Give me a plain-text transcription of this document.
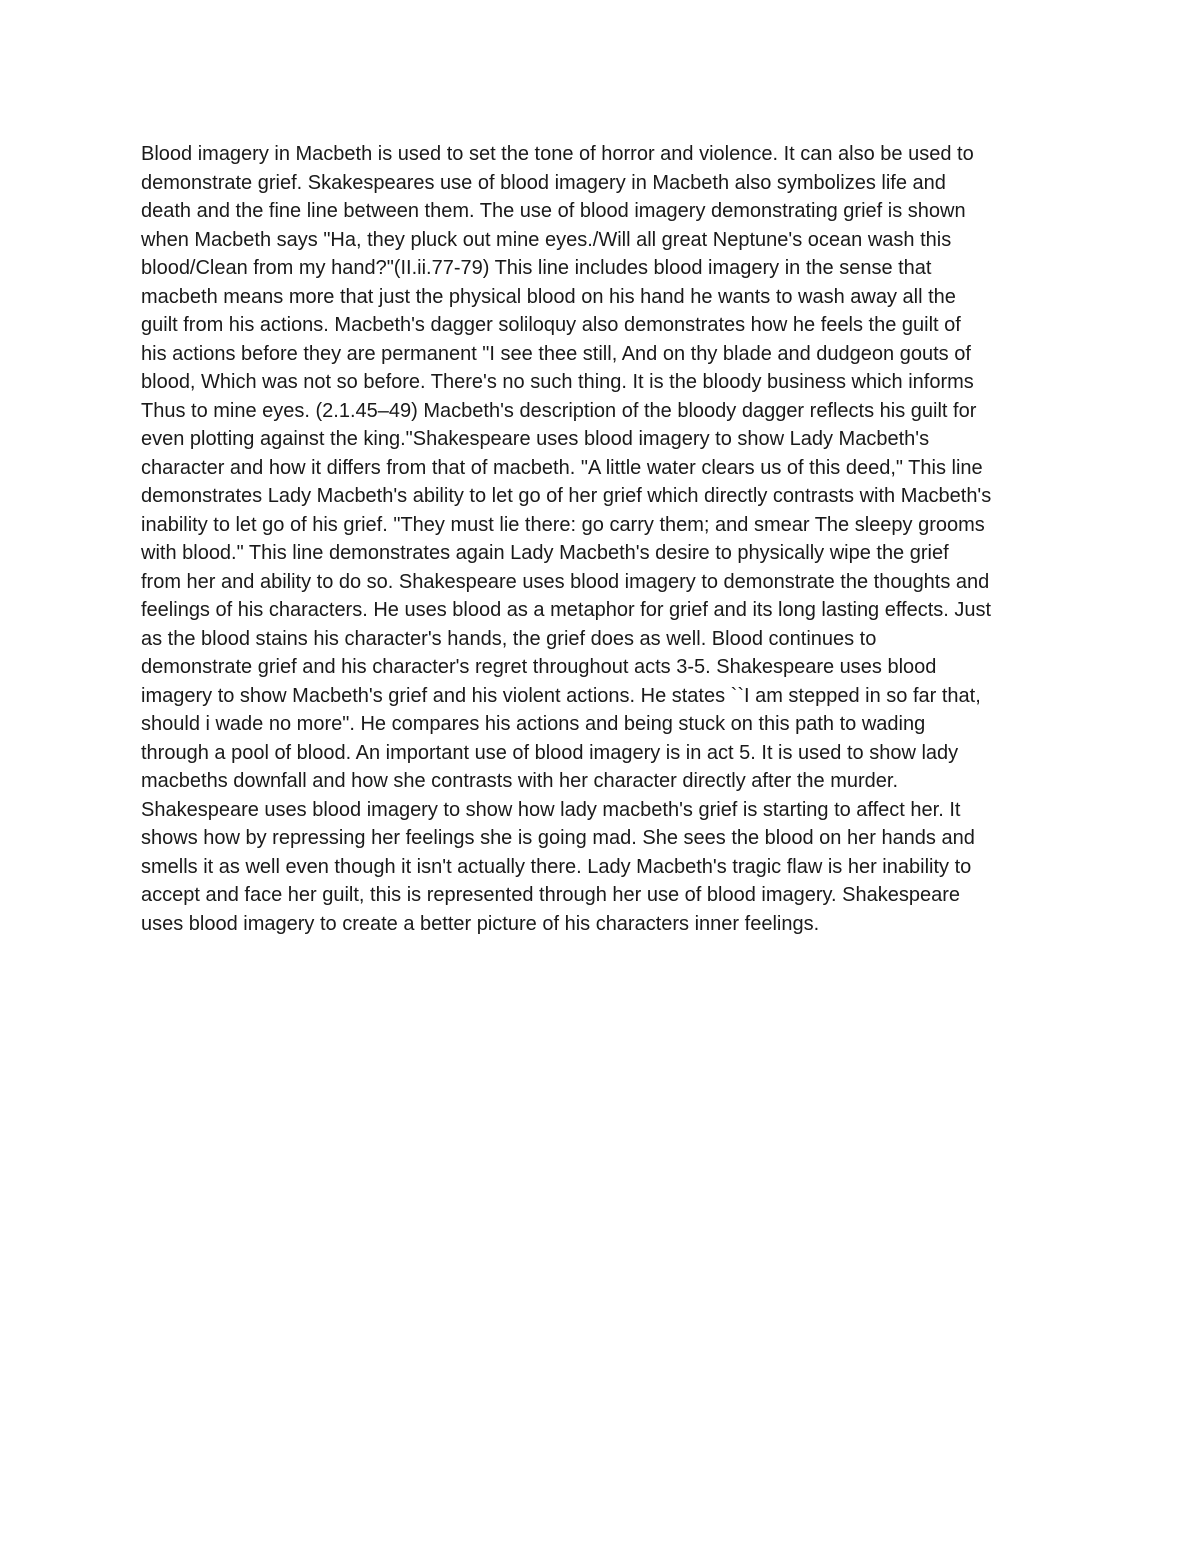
Blood imagery in Macbeth is used to set the tone of horror and violence. It can also be used to
demonstrate grief. Skakespeares use of blood imagery in Macbeth also symbolizes life and
death and the fine line between them. The use of blood imagery demonstrating grief is shown
when Macbeth says "Ha, they pluck out mine eyes./Will all great Neptune's ocean wash this
blood/Clean from my hand?"(II.ii.77-79) This line includes blood imagery in the sense that
macbeth means more that just the physical blood on his hand he wants to wash away all the
guilt from his actions. Macbeth's dagger soliloquy also demonstrates how he feels the guilt of
his actions before they are permanent "I see thee still, And on thy blade and dudgeon gouts of
blood, Which was not so before. There's no such thing. It is the bloody business which informs
Thus to mine eyes. (2.1.45–49) Macbeth's description of the bloody dagger reflects his guilt for
even plotting against the king."Shakespeare uses blood imagery to show Lady Macbeth's
character and how it differs from that of macbeth. "A little water clears us of this deed," This line
demonstrates Lady Macbeth's ability to let go of her grief which directly contrasts with Macbeth's
inability to let go of his grief. "They must lie there: go carry them; and smear The sleepy grooms
with blood." This line demonstrates again Lady Macbeth's desire to physically wipe the grief
from her and ability to do so. Shakespeare uses blood imagery to demonstrate the thoughts and
feelings of his characters. He uses blood as a metaphor for grief and its long lasting effects. Just
as the blood stains his character's hands, the grief does as well. Blood continues to
demonstrate grief and his character's regret throughout acts 3-5. Shakespeare uses blood
imagery to show Macbeth's grief and his violent actions. He states ``I am stepped in so far that,
should i wade no more". He compares his actions and being stuck on this path to wading
through a pool of blood. An important use of blood imagery is in act 5. It is used to show lady
macbeths downfall and how she contrasts with her character directly after the murder.
Shakespeare uses blood imagery to show how lady macbeth's grief is starting to affect her. It
shows how by repressing her feelings she is going mad. She sees the blood on her hands and
smells it as well even though it isn't actually there. Lady Macbeth's tragic flaw is her inability to
accept and face her guilt, this is represented through her use of blood imagery. Shakespeare
uses blood imagery to create a better picture of his characters inner feelings.
